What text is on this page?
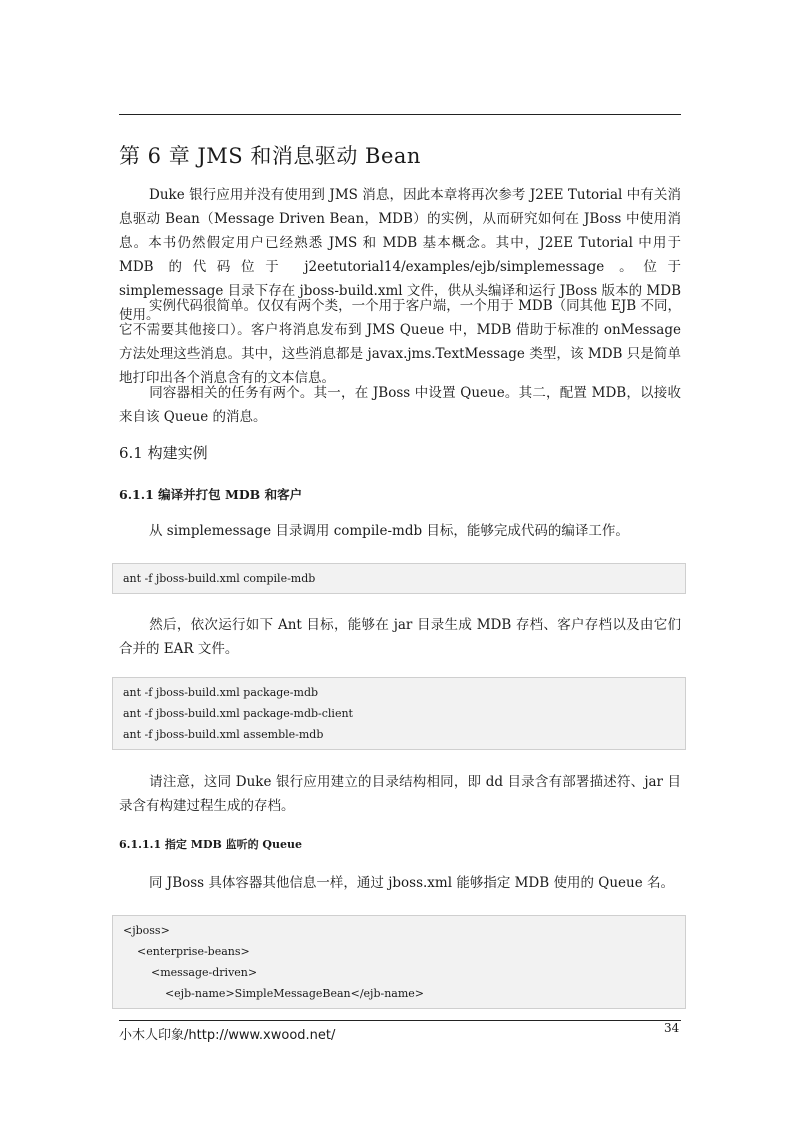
第 6 章 JMS 和消息驱动 Bean

Duke 银行应用并没有使用到 JMS 消息，因此本章将再次参考 J2EE Tutorial 中有关消息驱动 Bean（Message Driven Bean，MDB）的实例，从而研究如何在 JBoss 中使用消息。本书仍然假定用户已经熟悉 JMS 和 MDB 基本概念。其中，J2EE Tutorial 中用于 MDB 的代码位于 j2eetutorial14/examples/ejb/simplemessage 。位于 simplemessage 目录下存在 jboss-build.xml 文件，供从头编译和运行 JBoss 版本的 MDB 使用。

实例代码很简单。仅仅有两个类，一个用于客户端，一个用于 MDB（同其他 EJB 不同，它不需要其他接口）。客户将消息发布到 JMS Queue 中，MDB 借助于标准的 onMessage 方法处理这些消息。其中，这些消息都是 javax.jms.TextMessage 类型，该 MDB 只是简单地打印出各个消息含有的文本信息。

同容器相关的任务有两个。其一，在 JBoss 中设置 Queue。其二，配置 MDB，以接收来自该 Queue 的消息。

6.1 构建实例
6.1.1 编译并打包 MDB 和客户

从 simplemessage 目录调用 compile-mdb 目标，能够完成代码的编译工作。

ant -f jboss-build.xml compile-mdb

然后，依次运行如下 Ant 目标，能够在 jar 目录生成 MDB 存档、客户存档以及由它们合并的 EAR 文件。

ant -f jboss-build.xml package-mdb
ant -f jboss-build.xml package-mdb-client
ant -f jboss-build.xml assemble-mdb

请注意，这同 Duke 银行应用建立的目录结构相同，即 dd 目录含有部署描述符、jar 目录含有构建过程生成的存档。

6.1.1.1 指定 MDB 监听的 Queue

同 JBoss 具体容器其他信息一样，通过 jboss.xml 能够指定 MDB 使用的 Queue 名。

<jboss>
<enterprise-beans>
<message-driven>
<ejb-name>SimpleMessageBean</ejb-name>
小木人印象/http://www.xwood.net/	34
